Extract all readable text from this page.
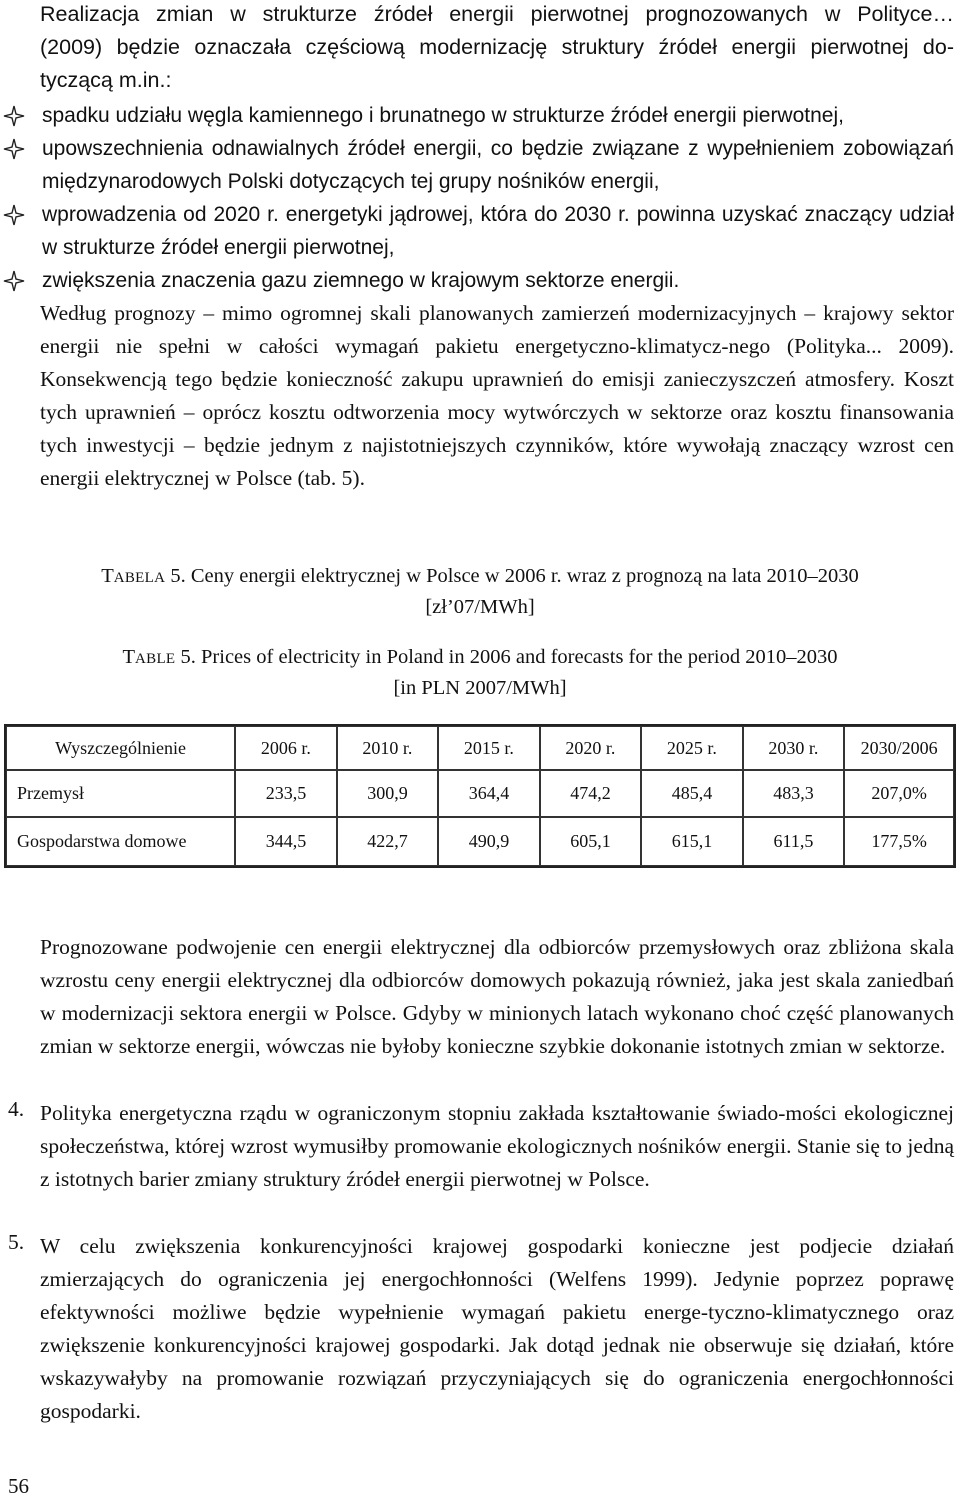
Realizacja zmian w strukturze źródeł energii pierwotnej prognozowanych w Polityce…

(2009) będzie oznaczała częściową modernizację struktury źródeł energii pierwotnej do-

tyczącą m.in.:

spadku udziału węgla kamiennego i brunatnego w strukturze źródeł energii pierwotnej,
upowszechnienia odnawialnych źródeł energii, co będzie związane z wypełnieniem zobowiązań międzynarodowych Polski dotyczących tej grupy nośników energii,
wprowadzenia od 2020 r. energetyki jądrowej, która do 2030 r. powinna uzyskać znaczący udział w strukturze źródeł energii pierwotnej,
zwiększenia znaczenia gazu ziemnego w krajowym sektorze energii.

Według prognozy – mimo ogromnej skali planowanych zamierzeń modernizacyjnych – krajowy sektor energii nie spełni w całości wymagań pakietu energetyczno-klimatycz-nego (Polityka... 2009). Konsekwencją tego będzie konieczność zakupu uprawnień do emisji zanieczyszczeń atmosfery. Koszt tych uprawnień – oprócz kosztu odtworzenia mocy wytwórczych w sektorze oraz kosztu finansowania tych inwestycji – będzie jednym z najistotniejszych czynników, które wywołają znaczący wzrost cen energii elektrycznej w Polsce (tab. 5).

TABELA 5. Ceny energii elektrycznej w Polsce w 2006 r. wraz z prognozą na lata 2010–2030
[zł’07/MWh]

TABLE 5. Prices of electricity in Poland in 2006 and forecasts for the period 2010–2030
[in PLN 2007/MWh]

Wyszczególnienie	2006 r.	2010 r.	2015 r.	2020 r.	2025 r.	2030 r.	2030/2006
Przemysł	233,5	300,9	364,4	474,2	485,4	483,3	207,0%
Gospodarstwa domowe	344,5	422,7	490,9	605,1	615,1	611,5	177,5%

Prognozowane podwojenie cen energii elektrycznej dla odbiorców przemysłowych oraz zbliżona skala wzrostu ceny energii elektrycznej dla odbiorców domowych pokazują również, jaka jest skala zaniedbań w modernizacji sektora energii w Polsce. Gdyby w minionych latach wykonano choć część planowanych zmian w sektorze energii, wówczas nie byłoby konieczne szybkie dokonanie istotnych zmian w sektorze.

4. Polityka energetyczna rządu w ograniczonym stopniu zakłada kształtowanie świado-mości ekologicznej społeczeństwa, której wzrost wymusiłby promowanie ekologicznych nośników energii. Stanie się to jedną z istotnych barier zmiany struktury źródeł energii pierwotnej w Polsce.

5. W celu zwiększenia konkurencyjności krajowej gospodarki konieczne jest podjecie działań zmierzających do ograniczenia jej energochłonności (Welfens 1999). Jedynie poprzez poprawę efektywności możliwe będzie wypełnienie wymagań pakietu energe-tyczno-klimatycznego oraz zwiększenie konkurencyjności krajowej gospodarki. Jak dotąd jednak nie obserwuje się działań, które wskazywałyby na promowanie rozwiązań przyczyniających się do ograniczenia energochłonności gospodarki.

56
